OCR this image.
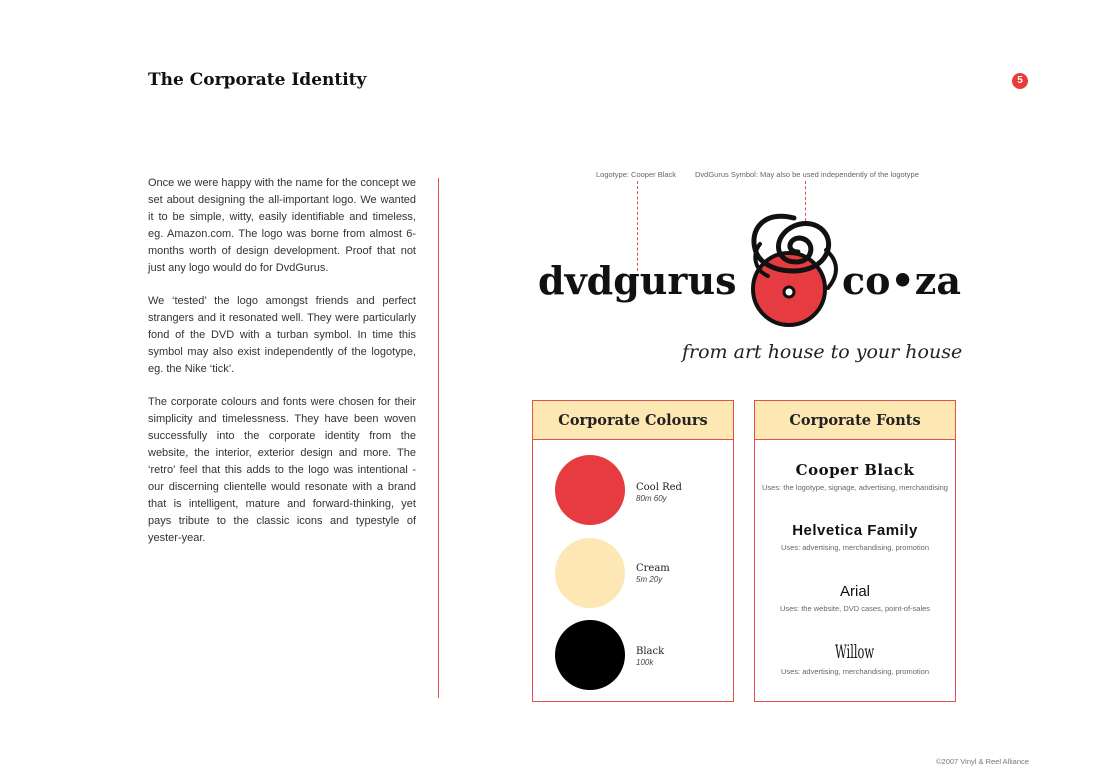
The Corporate Identity	5

Once we were happy with the name for the concept we set about designing the all-important logo. We wanted it to be simple, witty, easily identifiable and timeless, eg. Amazon.com. The logo was borne from almost 6-months worth of design development. Proof that not just any logo would do for DvdGurus.

We ‘tested’ the logo amongst friends and perfect strangers and it resonated well. They were particularly fond of the DVD with a turban symbol. In time this symbol may also exist independently of the logotype, eg. the Nike ‘tick’.

The corporate colours and fonts were chosen for their simplicity and timelessness. They have been woven successfully into the corporate identity from the website, the interior, exterior design and more. The ‘retro’ feel that this adds to the logo was intentional - our discerning clientelle would resonate with a brand that is intelligent, mature and forward-thinking, yet pays tribute to the classic icons and typestyle of yester-year.

Logotype: Cooper Black	DvdGurus Symbol: May also be used independently of the logotype
dvdgurus	co•za
from art house to your house
Corporate Colours
Cool Red
80m 60y
Cream
5m 20y
Black
100k
Corporate Fonts
Cooper Black
Uses: the logotype, signage, advertising, merchandising
Helvetica Family
Uses: advertising, merchandising, promotion
Arial
Uses: the website, DVD cases, point-of-sales
Willow
Uses: advertising, merchandising, promotion
©2007 Vinyl & Reel Alliance
